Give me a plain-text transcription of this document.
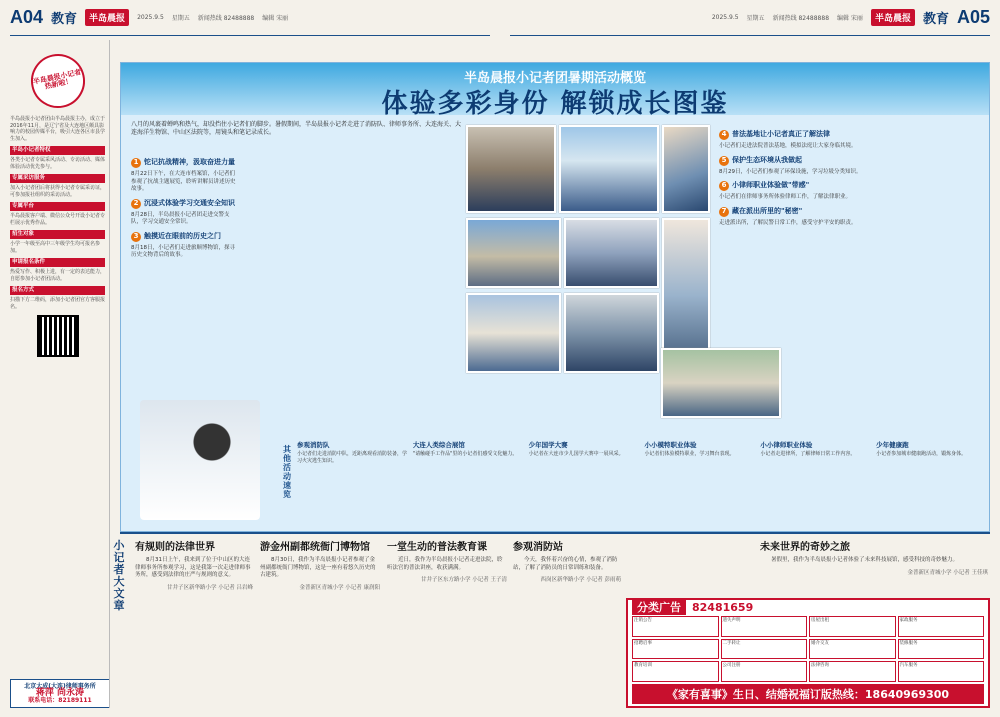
A04 教育	半岛晨报	2025.9.5 星期五 新闻热线 82488888 编辑 宋丽	2025.9.5 星期五 新闻热线 82488888 编辑 宋丽	半岛晨报 教育 A05
半岛晨报小记者 热新啦！

半岛晨报小记者团由半岛晨报主办，成立于2016年11月，是辽宁省及大连地区颇具影响力的校园传媒平台，吸引大连各区市县学生加入。

半岛小记者特权

各类小记者专属采风活动、专访活动、媒体体验活动优先参与。

专属采访服务

加入小记者团后将获得小记者专属采访证，可参加报社组织的采访活动。

专属平台

半岛晨报客户端、微信公众号开设小记者专栏展示优秀作品。

招生对象

小学一年级至高中三年级学生均可报名参加。

申请报名条件

热爱写作、积极上进，有一定的表达能力，自愿参加小记者团活动。

报名方式

扫描下方二维码，添加小记者团官方客服报名。

北京大成(大连)律师事务所
蒋萍 尚永涛
联系电话：82189111
半岛晨报小记者团暑期活动概览
体验多彩身份 解锁成长图鉴

八月的风裹着蝉鸣和热气，却没挡住小记者们的脚步。暑假期间，半岛晨报小记者走进了消防队、律师事务所、大连海关、大连海洋生物馆、中山区法院等，用镜头和笔记录成长。

1 铊记抗战精神，汲取奋进力量

8月22日下午，在大连市档案馆，小记者们参观了抗战主题展览，聆听讲解员讲述历史故事。

2 沉浸式体验学习交通安全知识

8月28日，半岛晨报小记者团走进交警支队，学习交通安全常识。

3 触摸近在眼前的历史之门

8月18日，小记者们走进旅顺博物馆，探寻历史文物背后的故事。

4 普法基地让小记者真正了解法律

小记者们走进法院普法基地，模拟法庭让大家身临其境。

5 保护生态环境从我做起

8月29日，小记者们参观了环保设施，学习垃圾分类知识。

6 小律师职业体验做"带感"

小记者们在律师事务所体验律师工作，了解法律职业。

7 藏在派出所里的"秘密"

走进派出所，了解民警日常工作，感受守护平安的职责。

其他活动速览
参观消防队

小记者们走进消防中队，近距离观看消防装备，学习火灾逃生知识。

大连人类综合展馆

"请触碰手工作品"里的小记者们感受文化魅力。

少年国学大赛

小记者在大连市少儿国学大赛中一展风采。

小小模特职业体验

小记者们体验模特职业，学习舞台表现。

小小律师职业体验

小记者走进律所，了解律师日常工作内容。

少年健康跑

小记者参加城市健康跑活动，锻炼身体。

小记者大文章
有规则的法律世界

8月31日上午，我来到了位于中山区的大连律师事务所参观学习，这是我第一次走进律师事务所，感受到法律的庄严与规则的意义。

甘井子区新华路小学 小记者 吕岩峰
游金州副都统衙门博物馆

8月30日，我作为半岛晨报小记者参观了金州副都统衙门博物馆，这是一座有着悠久历史的古建筑。

金普新区青城小学 小记者 康润阳
一堂生动的普法教育课

近日，我作为半岛晨报小记者走进法院，聆听法官的普法讲座，收获满满。

甘井子区东方路小学 小记者 王子清
参观消防站

今天，我怀着兴奋的心情，参观了消防站，了解了消防员的日常训练和装备。

西岗区新华路小学 小记者 彭雨萌
未来世界的奇妙之旅

暑假里，我作为半岛晨报小记者体验了未来科技展馆，感受科技的奇妙魅力。

金普新区青城小学 小记者 王佳琪
分类广告	82481659
注销公告	遗失声明	房屋出租	家政服务
招聘启事	二手转让	婚介交友	装修服务
教育培训	公司注册	法律咨询	汽车服务
《家有喜事》生日、结婚祝福订版热线：18640969300
